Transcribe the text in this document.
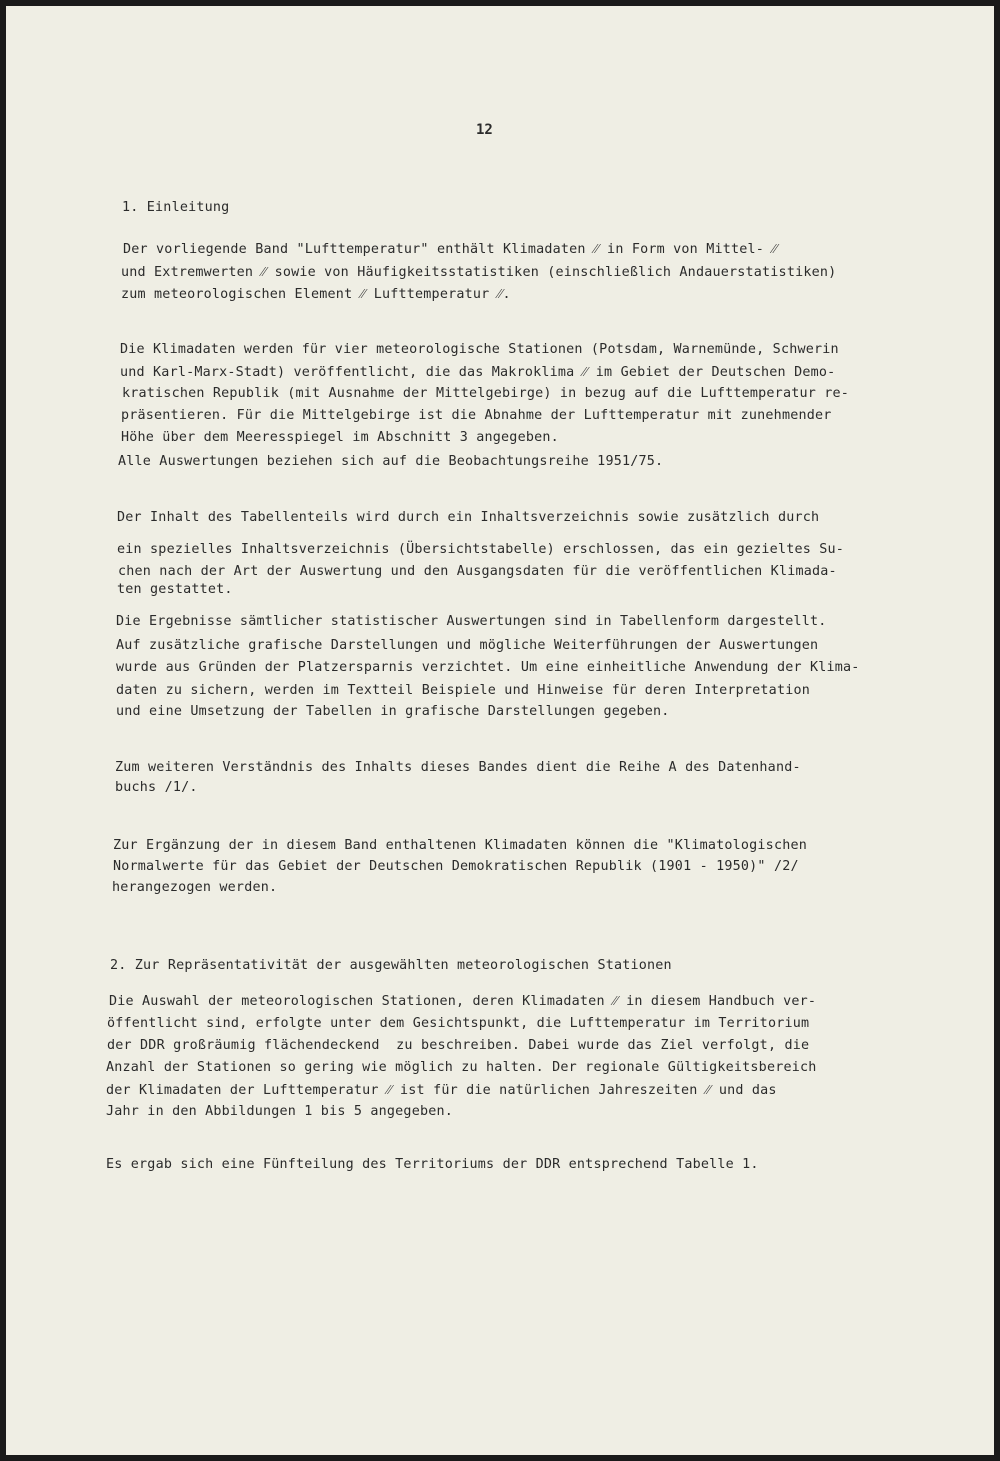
12
1. Einleitung
Der vorliegende Band "Lufttemperatur" enthält Klimadaten ⁄⁄ in Form von Mittel- ⁄⁄
und Extremwerten ⁄⁄ sowie von Häufigkeitsstatistiken (einschließlich Andauerstatistiken)
zum meteorologischen Element ⁄⁄ Lufttemperatur ⁄⁄.
Die Klimadaten werden für vier meteorologische Stationen (Potsdam, Warnemünde, Schwerin
und Karl-Marx-Stadt) veröffentlicht, die das Makroklima ⁄⁄ im Gebiet der Deutschen Demo-
kratischen Republik (mit Ausnahme der Mittelgebirge) in bezug auf die Lufttemperatur re-
präsentieren. Für die Mittelgebirge ist die Abnahme der Lufttemperatur mit zunehmender
Höhe über dem Meeresspiegel im Abschnitt 3 angegeben.
Alle Auswertungen beziehen sich auf die Beobachtungsreihe 1951/75.
Der Inhalt des Tabellenteils wird durch ein Inhaltsverzeichnis sowie zusätzlich durch
ein spezielles Inhaltsverzeichnis (Übersichtstabelle) erschlossen, das ein gezieltes Su-
chen nach der Art der Auswertung und den Ausgangsdaten für die veröffentlichen Klimada-
ten gestattet.
Die Ergebnisse sämtlicher statistischer Auswertungen sind in Tabellenform dargestellt.
Auf zusätzliche grafische Darstellungen und mögliche Weiterführungen der Auswertungen
wurde aus Gründen der Platzersparnis verzichtet. Um eine einheitliche Anwendung der Klima-
daten zu sichern, werden im Textteil Beispiele und Hinweise für deren Interpretation
und eine Umsetzung der Tabellen in grafische Darstellungen gegeben.
Zum weiteren Verständnis des Inhalts dieses Bandes dient die Reihe A des Datenhand-
buchs /1/.
Zur Ergänzung der in diesem Band enthaltenen Klimadaten können die "Klimatologischen
Normalwerte für das Gebiet der Deutschen Demokratischen Republik (1901 - 1950)" /2/
herangezogen werden.
2. Zur Repräsentativität der ausgewählten meteorologischen Stationen
Die Auswahl der meteorologischen Stationen, deren Klimadaten ⁄⁄ in diesem Handbuch ver-
öffentlicht sind, erfolgte unter dem Gesichtspunkt, die Lufttemperatur im Territorium
der DDR großräumig flächendeckend  zu beschreiben. Dabei wurde das Ziel verfolgt, die
Anzahl der Stationen so gering wie möglich zu halten. Der regionale Gültigkeitsbereich
der Klimadaten der Lufttemperatur ⁄⁄ ist für die natürlichen Jahreszeiten ⁄⁄ und das
Jahr in den Abbildungen 1 bis 5 angegeben.
Es ergab sich eine Fünfteilung des Territoriums der DDR entsprechend Tabelle 1.
